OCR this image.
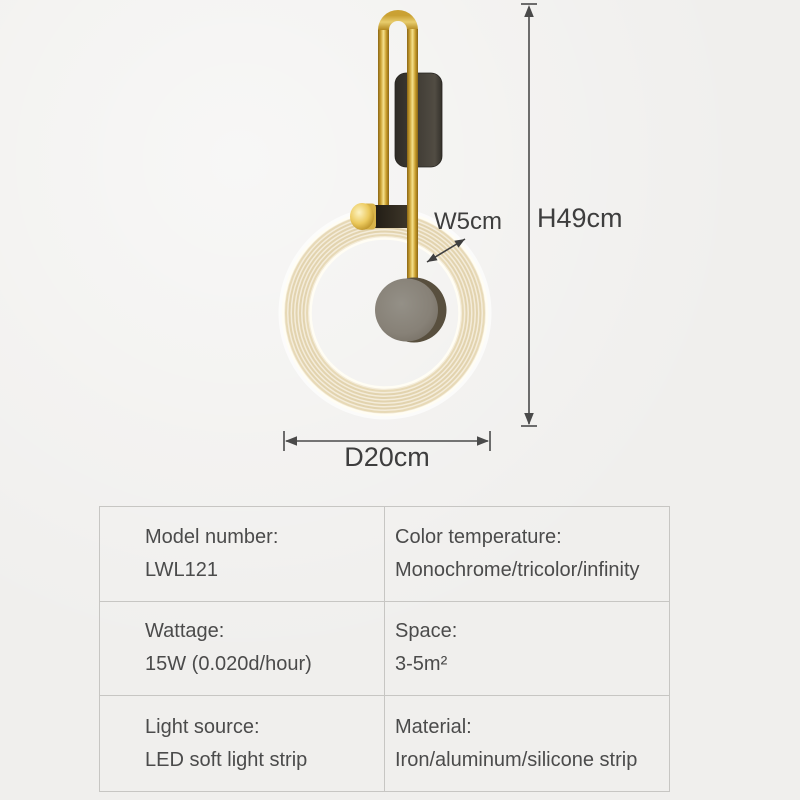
W5cm H49cm
D20cm
Model number:
LWL121
Color temperature:
Monochrome/tricolor/infinity
Wattage:
15W (0.020d/hour)
Space:
3-5m²
Light source:
LED soft light strip
Material:
Iron/aluminum/silicone strip
